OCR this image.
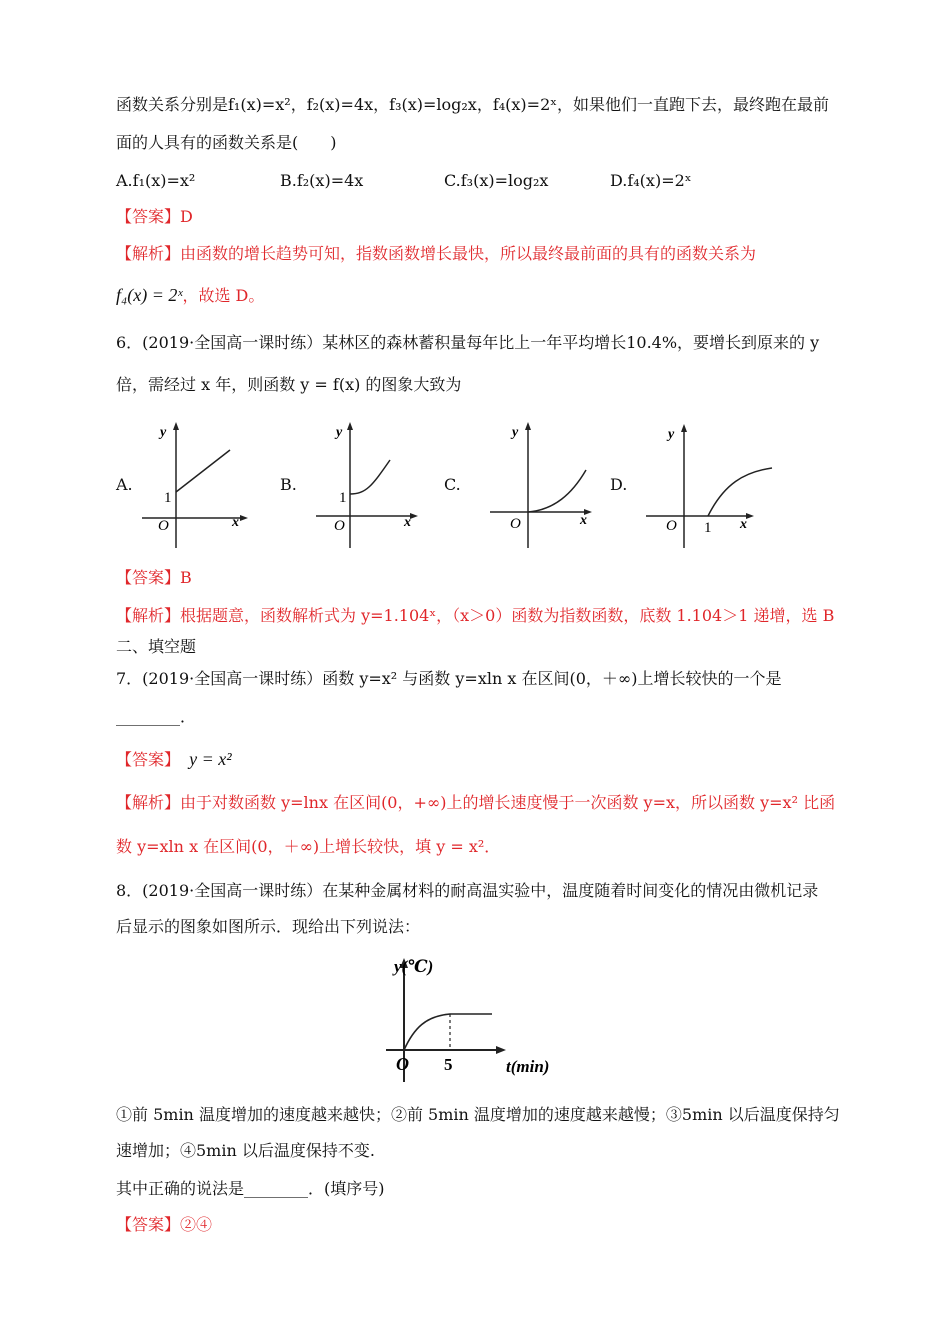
函数关系分别是f₁(x)=x²，f₂(x)=4x，f₃(x)=log₂x，f₄(x)=2ˣ，如果他们一直跑下去，最终跑在最前
面的人具有的函数关系是(　　)
A.f₁(x)=x²	B.f₂(x)=4x	C.f₃(x)=log₂x	D.f₄(x)=2ˣ
【答案】D
【解析】由函数的增长趋势可知，指数函数增长最快，所以最终最前面的具有的函数关系为
f₄(x) = 2ˣ，故选 D。
6．(2019·全国高一课时练）某林区的森林蓄积量每年比上一年平均增长10.4%，要增长到原来的 y
倍，需经过 x 年，则函数 y = f(x) 的图象大致为
A.
y
x
O
1
B.
y
x
O
1
C.
y
x
O
D.
y
x
O 1
【答案】B
【解析】根据题意，函数解析式为 y=1.104ˣ，（x＞0）函数为指数函数，底数 1.104＞1 递增，选 B
二、填空题
7．(2019·全国高一课时练）函数 y=x² 与函数 y=xln x 在区间(0，＋∞)上增长较快的一个是
________．
【答案】 y = x²
【解析】由于对数函数 y=lnx 在区间(0，+∞)上的增长速度慢于一次函数 y=x，所以函数 y=x² 比函
数 y=xln x 在区间(0，＋∞)上增长较快，填 y = x²．
8．(2019·全国高一课时练）在某种金属材料的耐高温实验中，温度随着时间变化的情况由微机记录
后显示的图象如图所示．现给出下列说法：
y(℃)
t(min)
O 5
①前 5min 温度增加的速度越来越快；②前 5min 温度增加的速度越来越慢；③5min 以后温度保持匀
速增加；④5min 以后温度保持不变.
其中正确的说法是________．(填序号)
【答案】②④
